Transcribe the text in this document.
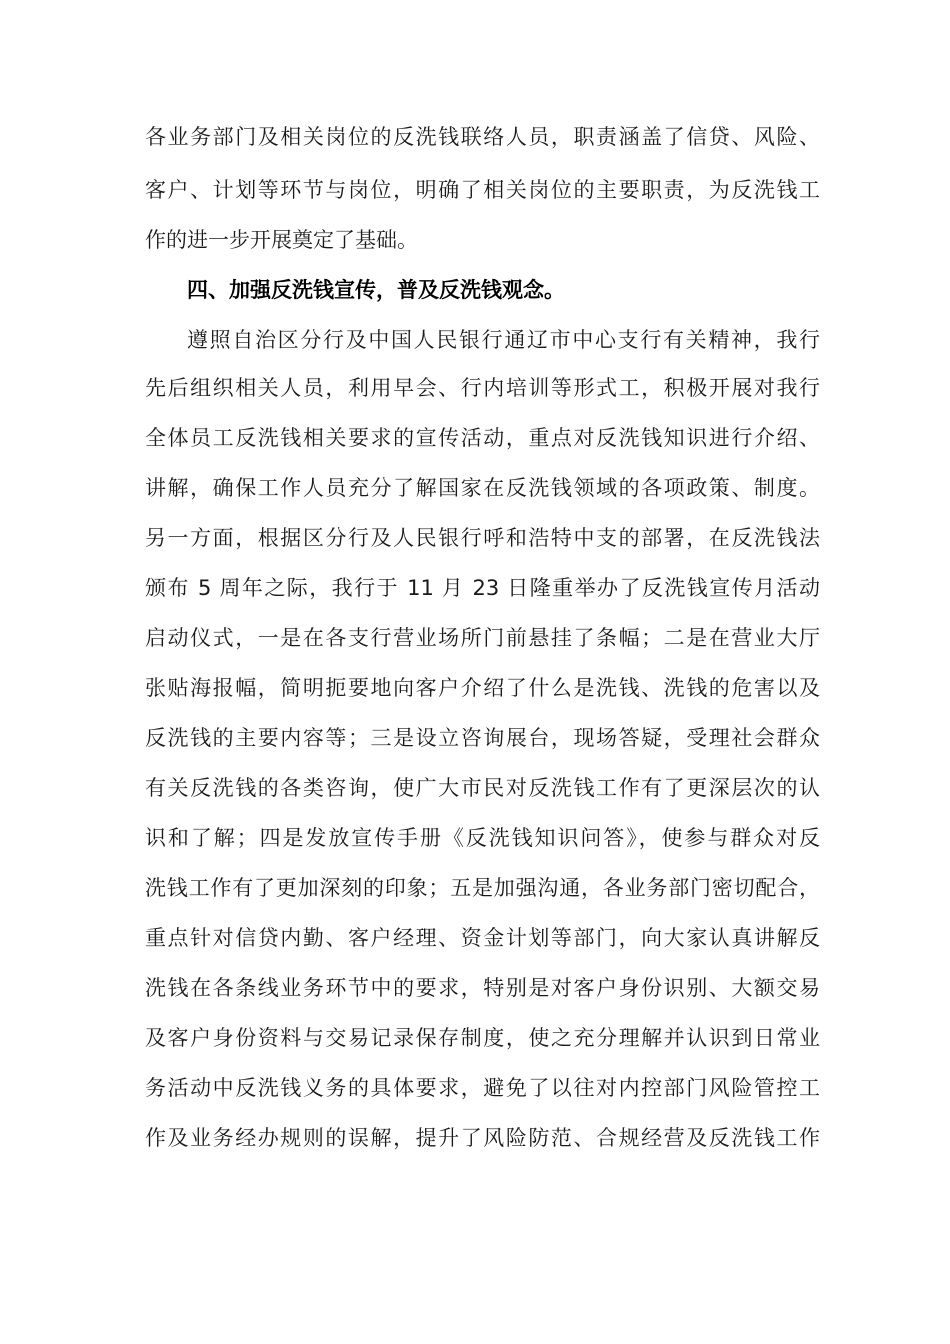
各业务部门及相关岗位的反洗钱联络人员，职责涵盖了信贷、风险、
客户、计划等环节与岗位，明确了相关岗位的主要职责，为反洗钱工
作的进一步开展奠定了基础。
四、加强反洗钱宣传，普及反洗钱观念。
遵照自治区分行及中国人民银行通辽市中心支行有关精神，我行
先后组织相关人员，利用早会、行内培训等形式工，积极开展对我行
全体员工反洗钱相关要求的宣传活动，重点对反洗钱知识进行介绍、
讲解，确保工作人员充分了解国家在反洗钱领域的各项政策、制度。
另一方面，根据区分行及人民银行呼和浩特中支的部署，在反洗钱法
颁布 5 周年之际，我行于 11 月 23 日隆重举办了反洗钱宣传月活动
启动仪式，一是在各支行营业场所门前悬挂了条幅；二是在营业大厅
张贴海报幅，简明扼要地向客户介绍了什么是洗钱、洗钱的危害以及
反洗钱的主要内容等；三是设立咨询展台，现场答疑，受理社会群众
有关反洗钱的各类咨询，使广大市民对反洗钱工作有了更深层次的认
识和了解；四是发放宣传手册《反洗钱知识问答》，使参与群众对反
洗钱工作有了更加深刻的印象；五是加强沟通，各业务部门密切配合，
重点针对信贷内勤、客户经理、资金计划等部门，向大家认真讲解反
洗钱在各条线业务环节中的要求，特别是对客户身份识别、大额交易
及客户身份资料与交易记录保存制度，使之充分理解并认识到日常业
务活动中反洗钱义务的具体要求，避免了以往对内控部门风险管控工
作及业务经办规则的误解，提升了风险防范、合规经营及反洗钱工作
